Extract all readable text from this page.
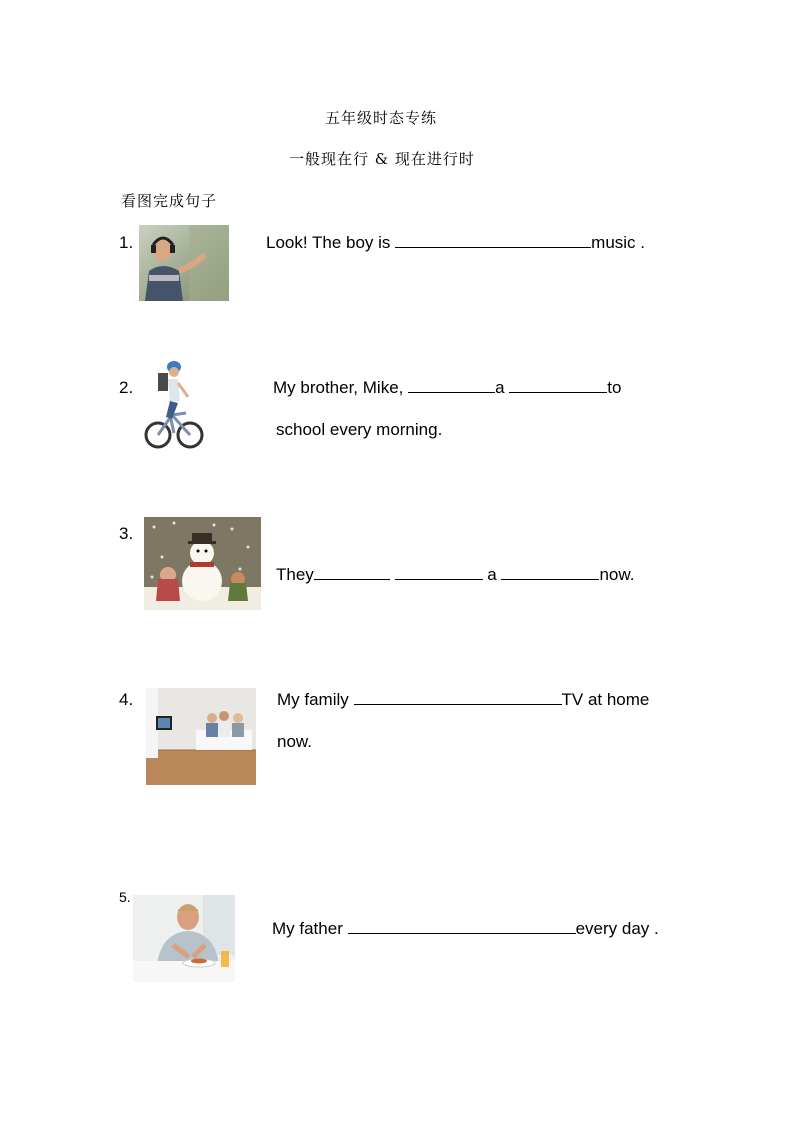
五年级时态专练
一般现在行 & 现在进行时
看图完成句子
1.	Look! The boy is	music .
2.	My brother, Mike,	a	to
school every morning.
3.
They	a	now.
4.	My family	TV at home
now.
5.
My father	every day .
